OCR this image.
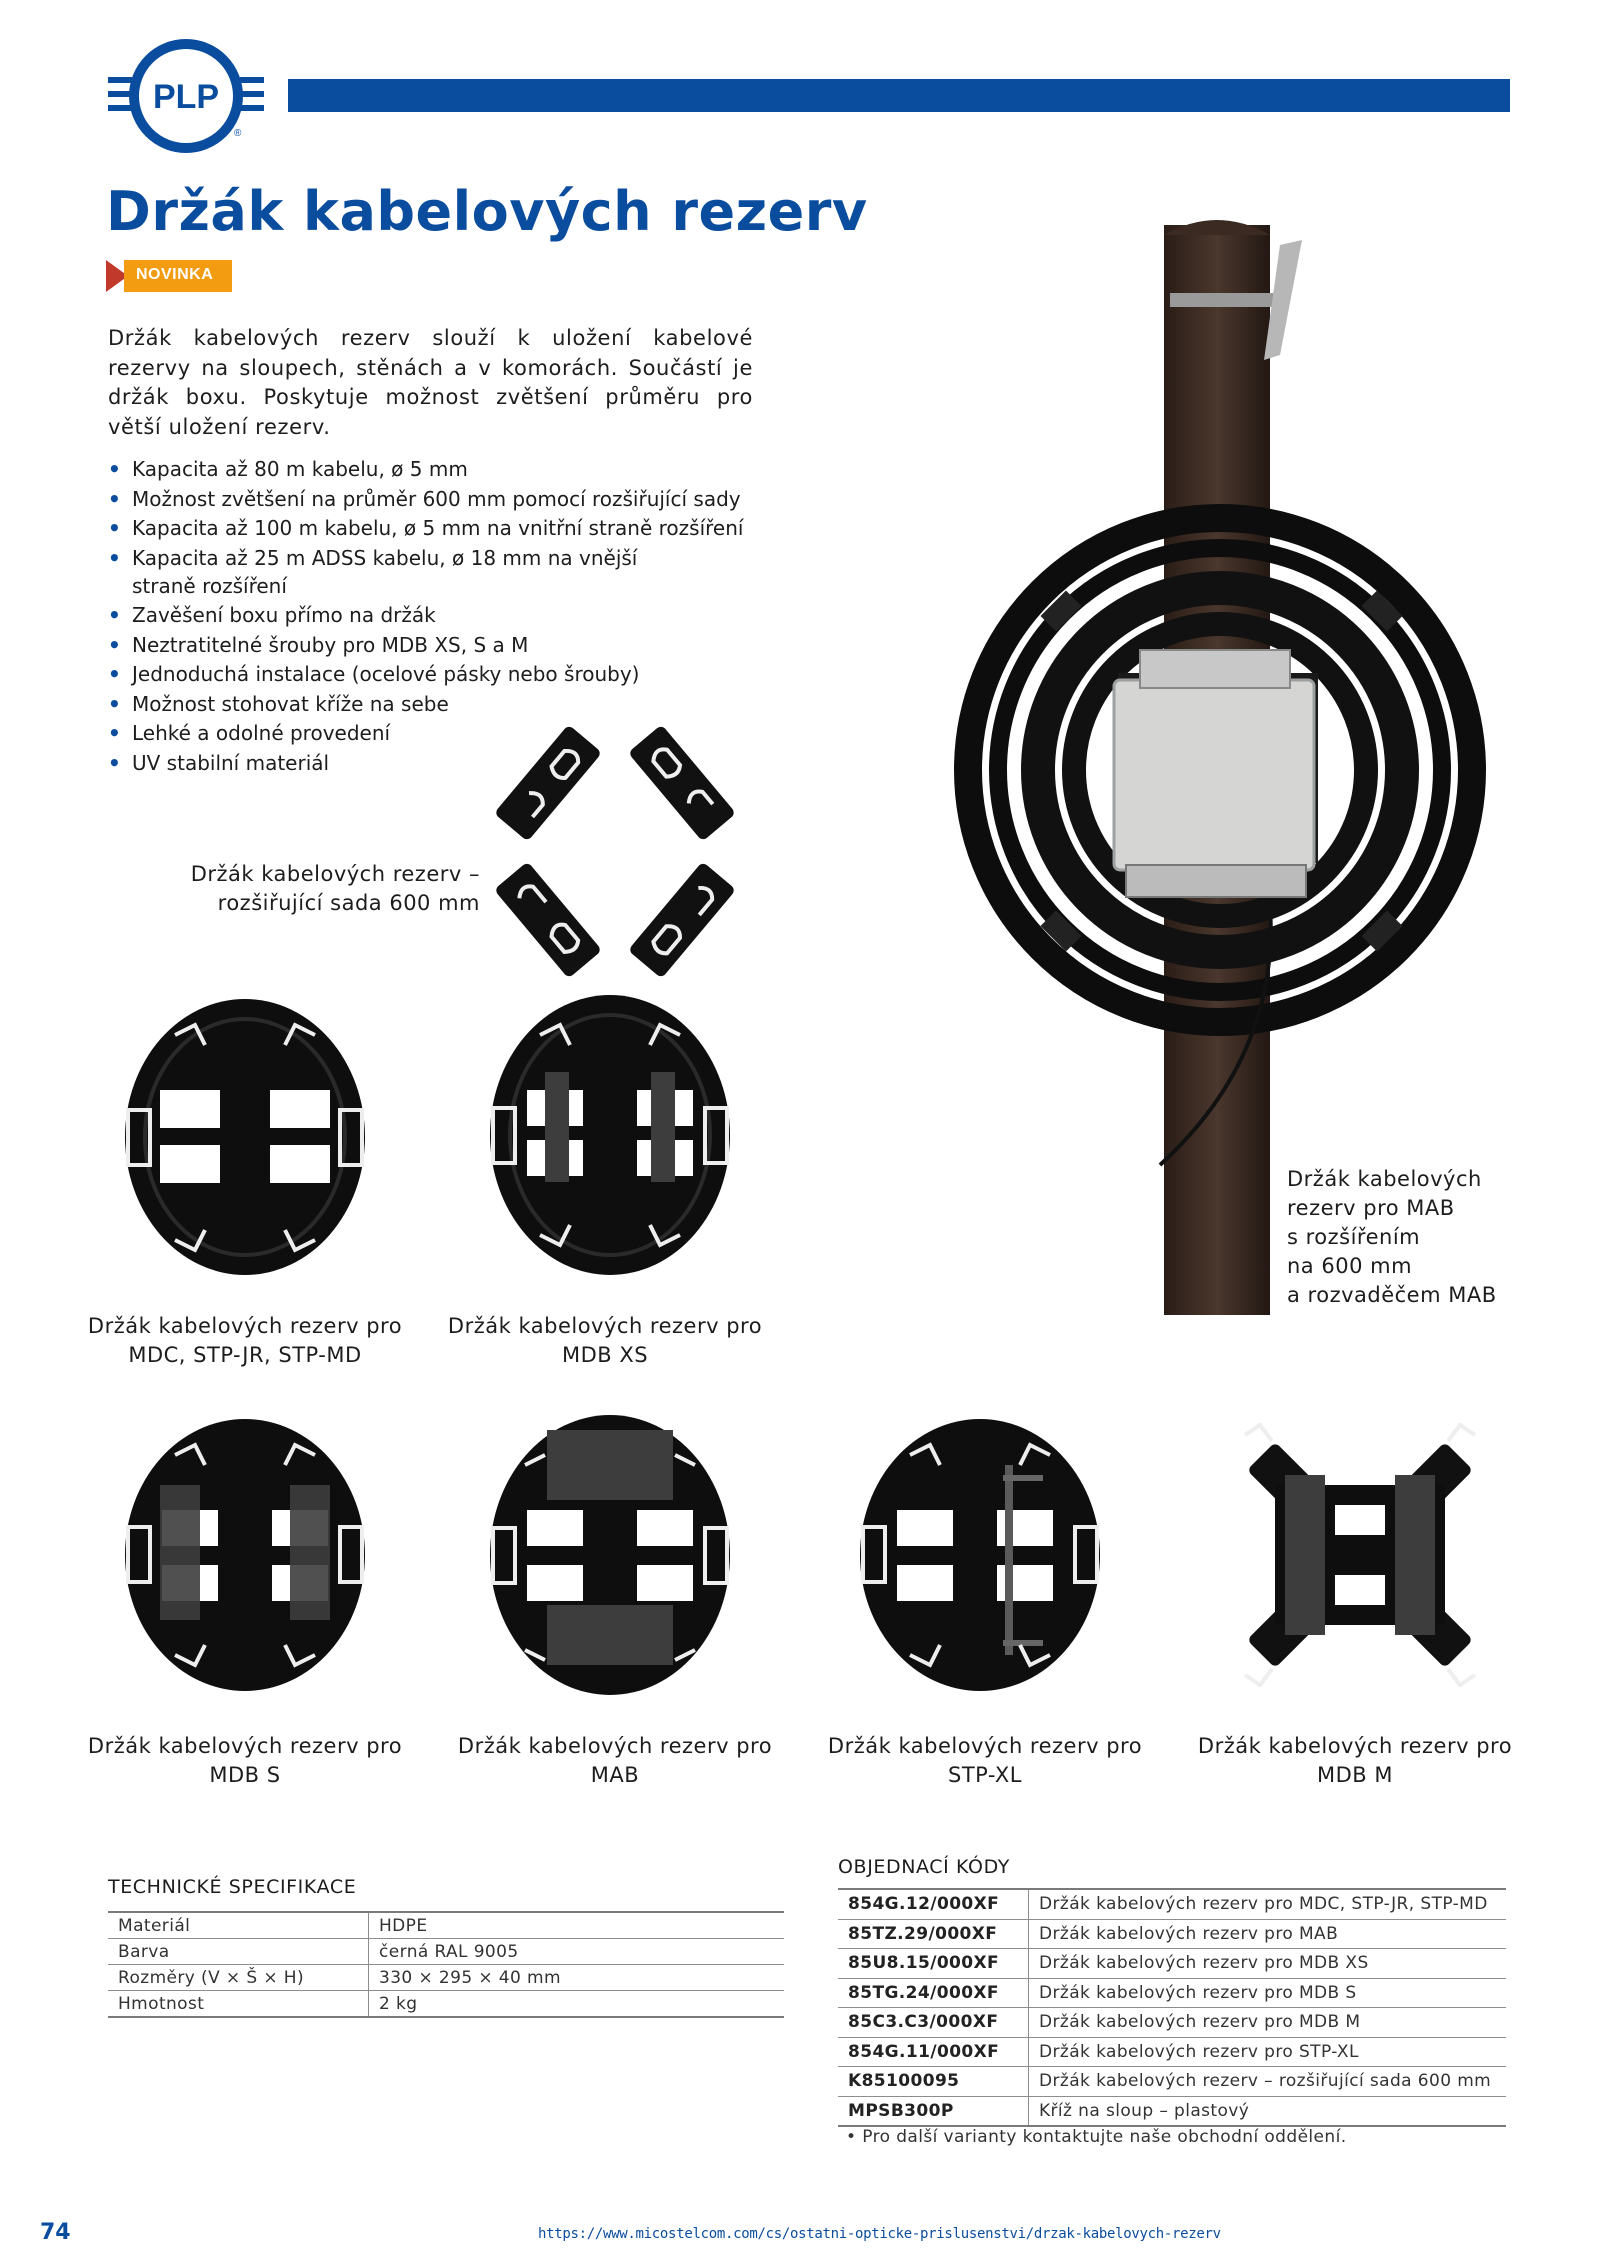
PLP
®
Držák kabelových rezerv
NOVINKA

Držák kabelových rezerv slouží k uložení kabelové rezervy na sloupech, stěnách a v komorách. Součástí je držák boxu. Poskytuje možnost zvětšení průměru pro větší uložení rezerv.

• Kapacita až 80 m kabelu, ø 5 mm
• Možnost zvětšení na průměr 600 mm pomocí rozšiřující sady
• Kapacita až 100 m kabelu, ø 5 mm na vnitřní straně rozšíření
• Kapacita až 25 m ADSS kabelu, ø 18 mm na vnější straně rozšíření
• Zavěšení boxu přímo na držák
• Neztratitelné šrouby pro MDB XS, S a M
• Jednoduchá instalace (ocelové pásky nebo šrouby)
• Možnost stohovat kříže na sebe
• Lehké a odolné provedení
• UV stabilní materiál
Držák kabelových rezerv – rozšiřující sada 600 mm
Držák kabelových
rezerv pro MAB
s rozšířením
na 600 mm
a rozvaděčem MAB
Držák kabelových rezerv pro MDC, STP-JR, STP-MD
Držák kabelových rezerv pro MDB XS
Držák kabelových rezerv pro MDB S
Držák kabelových rezerv pro MAB
Držák kabelových rezerv pro STP-XL
Držák kabelových rezerv pro MDB M
TECHNICKÉ SPECIFIKACE
Materiál	HDPE
Barva	černá RAL 9005
Rozměry (V × Š × H)	330 × 295 × 40 mm
Hmotnost	2 kg
OBJEDNACÍ KÓDY
854G.12/000XF	Držák kabelových rezerv pro MDC, STP-JR, STP-MD
85TZ.29/000XF	Držák kabelových rezerv pro MAB
85U8.15/000XF	Držák kabelových rezerv pro MDB XS
85TG.24/000XF	Držák kabelových rezerv pro MDB S
85C3.C3/000XF	Držák kabelových rezerv pro MDB M
854G.11/000XF	Držák kabelových rezerv pro STP-XL
K85100095	Držák kabelových rezerv – rozšiřující sada 600 mm
MPSB300P	Kříž na sloup – plastový
• Pro další varianty kontaktujte naše obchodní oddělení.
74	https://www.micostelcom.com/cs/ostatni-opticke-prislusenstvi/drzak-kabelovych-rezerv
